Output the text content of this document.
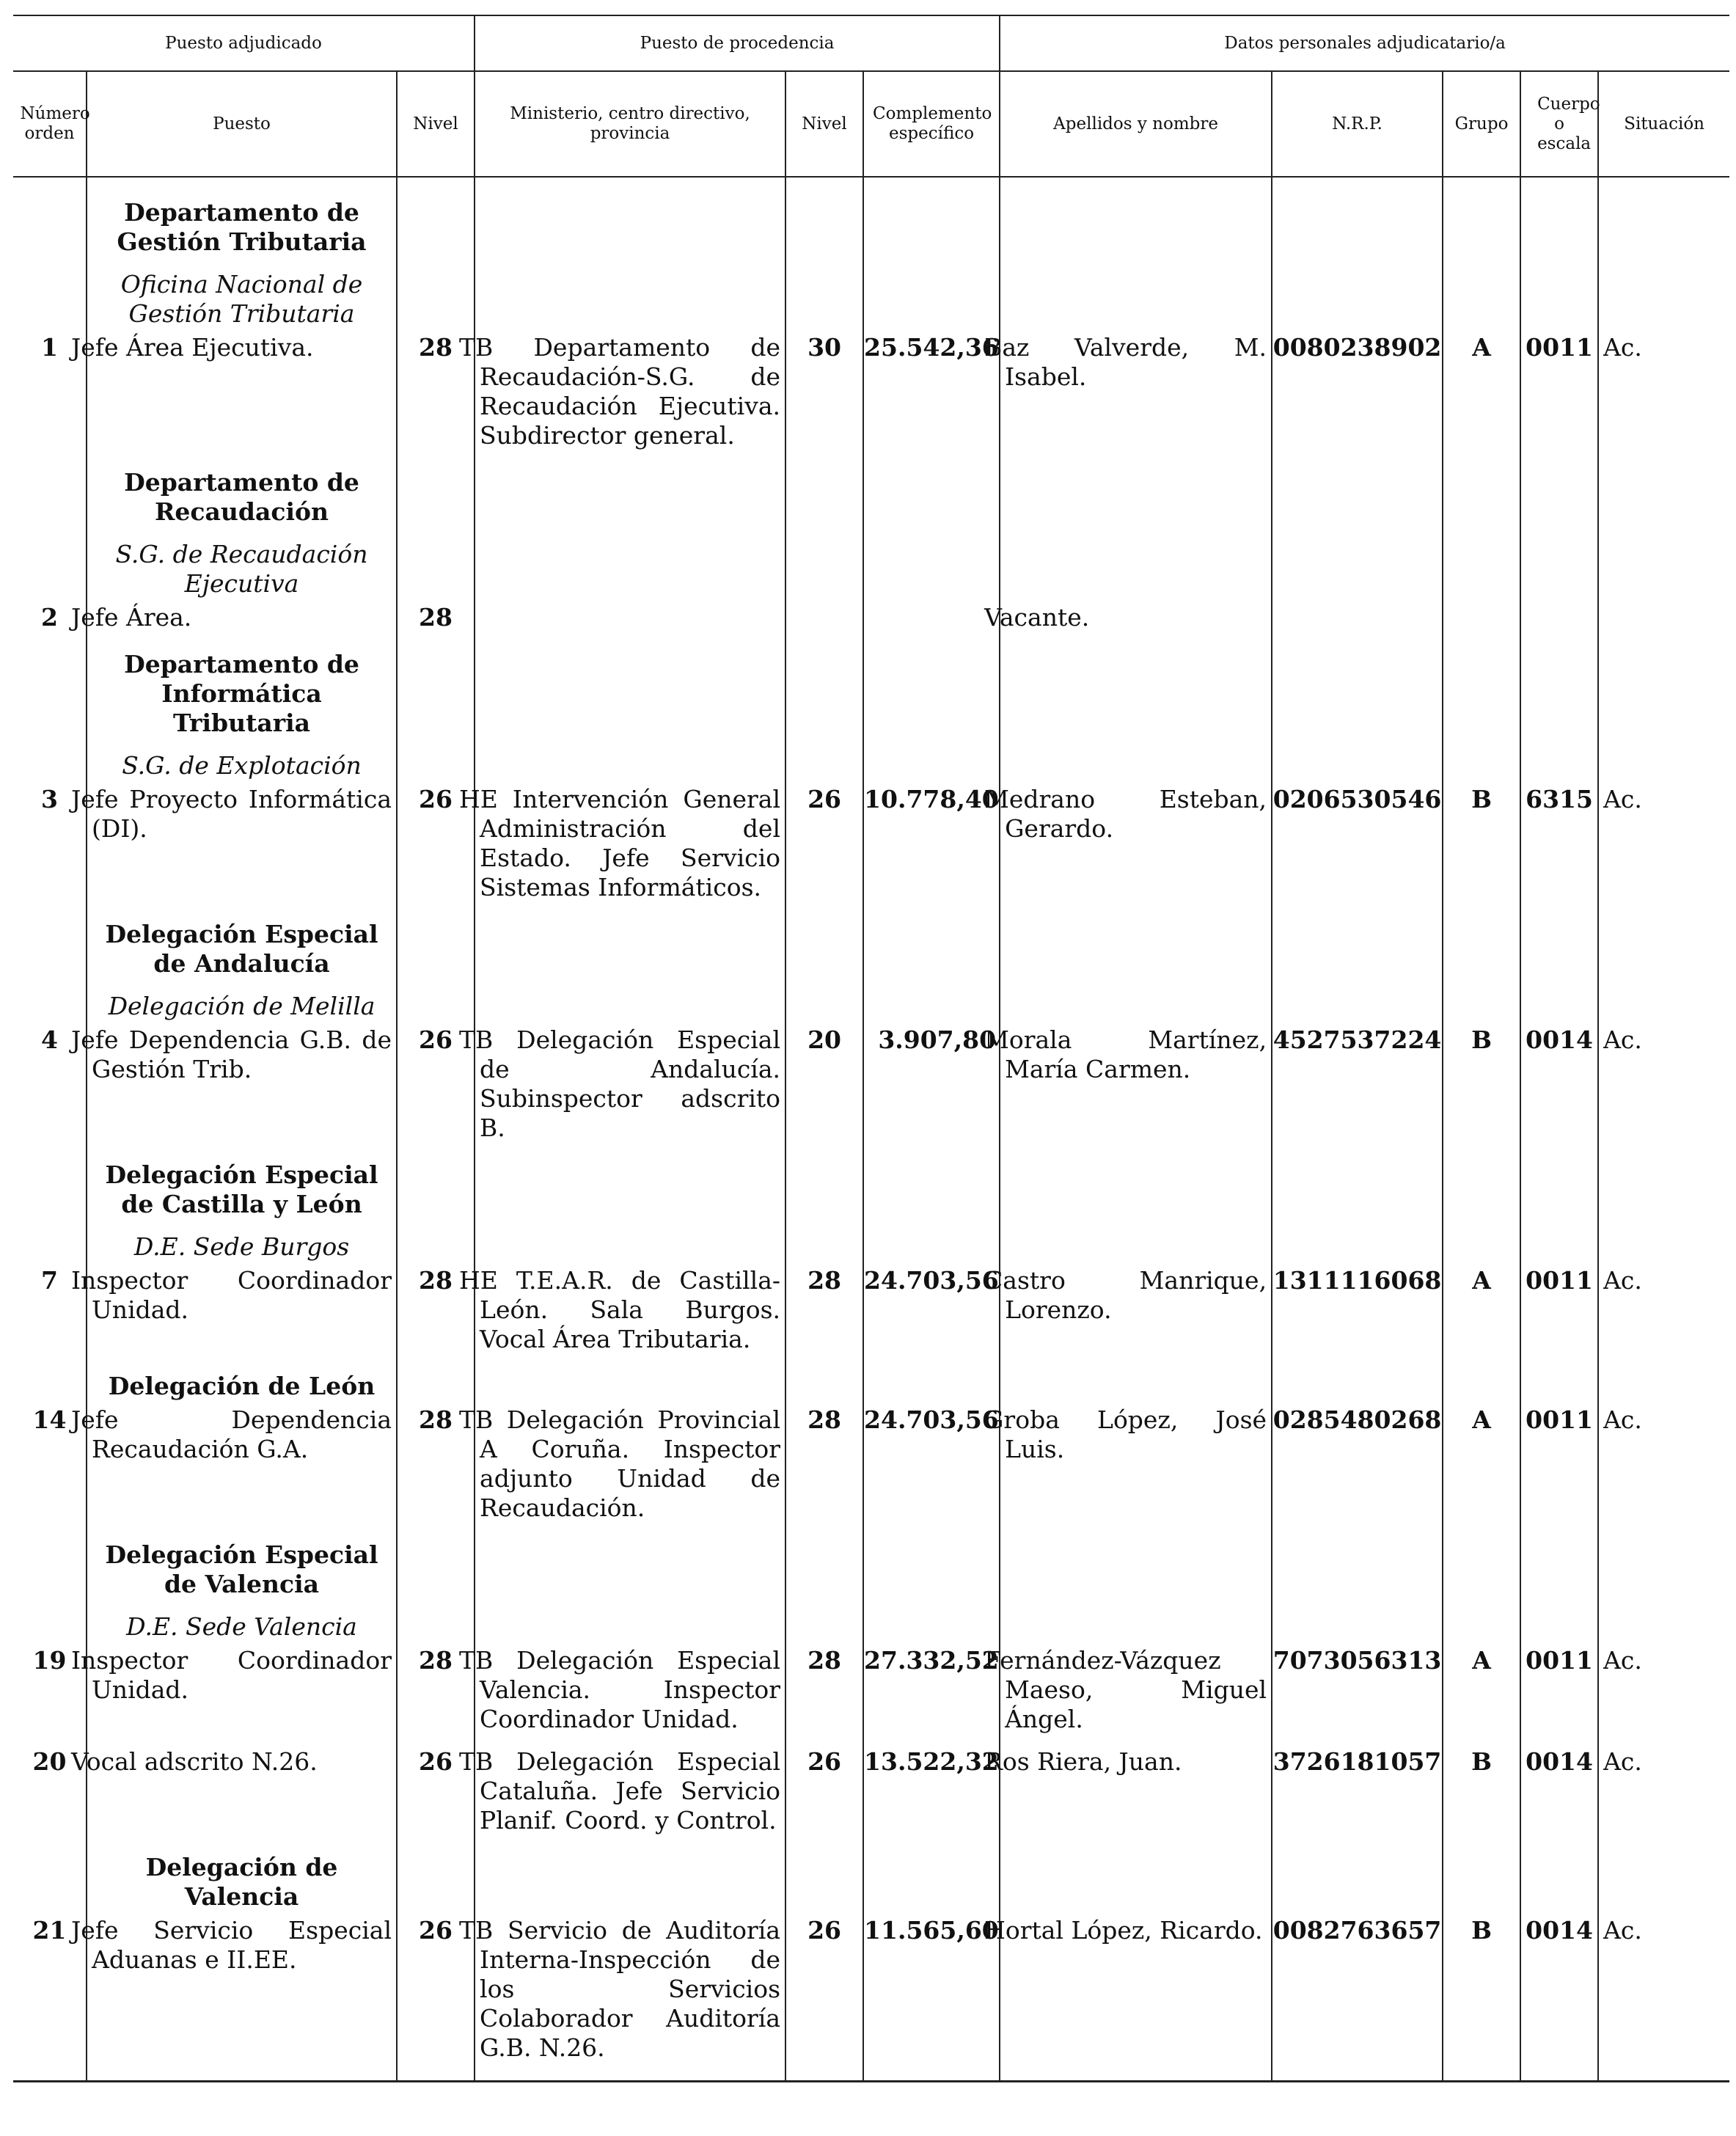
Puesto adjudicado			Puesto de procedencia			Datos personales adjudicatario/a				

Número orden	Puesto	Nivel	Ministerio, centro directivo, provincia	Nivel	Complemento específico	Apellidos y nombre	N.R.P.	Grupo	Cuerpo o escala	Situación

	Departamento de Gestión Tributaria
Oficina Nacional de Gestión Tributaria									

1	Jefe Área Ejecutiva.	28	TB Departamento de Recaudación-S.G. de Recaudación Ejecutiva. Subdirector general.	30	25.542,36	Baz Valverde, M. Isabel.	0080238902	A	0011	Ac.

	Departamento de Recaudación
S.G. de Recaudación Ejecutiva									

2	Jefe Área.	28				Vacante.				

	Departamento de Informática Tributaria
S.G. de Explotación									

3	Jefe Proyecto Informática (DI).	26	HE Intervención General Administración del Estado. Jefe Servicio Sistemas Informáticos.	26	10.778,40	Medrano Esteban, Gerardo.	0206530546	B	6315	Ac.

	Delegación Especial de Andalucía
Delegación de Melilla									

4	Jefe Dependencia G.B. de Gestión Trib.	26	TB Delegación Especial de Andalucía. Subinspector adscrito B.	20	3.907,80	Morala Martínez, María Carmen.	4527537224	B	0014	Ac.

	Delegación Especial de Castilla y León
D.E. Sede Burgos									

7	Inspector Coordinador Unidad.	28	HE T.E.A.R. de Castilla-León. Sala Burgos. Vocal Área Tributaria.	28	24.703,56	Castro Manrique, Lorenzo.	1311116068	A	0011	Ac.

	Delegación de León									

14	Jefe Dependencia Recaudación G.A.	28	TB Delegación Provincial A Coruña. Inspector adjunto Unidad de Recaudación.	28	24.703,56	Groba López, José Luis.	0285480268	A	0011	Ac.

	Delegación Especial de Valencia
D.E. Sede Valencia									

19	Inspector Coordinador Unidad.	28	TB Delegación Especial Valencia. Inspector Coordinador Unidad.	28	27.332,52	Fernández-Vázquez Maeso, Miguel Ángel.	7073056313	A	0011	Ac.

20	Vocal adscrito N.26.	26	TB Delegación Especial Cataluña. Jefe Servicio Planif. Coord. y Control.	26	13.522,32	Ros Riera, Juan.	3726181057	B	0014	Ac.

	Delegación de Valencia									

21	Jefe Servicio Especial Aduanas e II.EE.	26	TB Servicio de Auditoría Interna-Inspección de los Servicios Colaborador Auditoría G.B. N.26.	26	11.565,60	Hortal López, Ricardo.	0082763657	B	0014	Ac.
